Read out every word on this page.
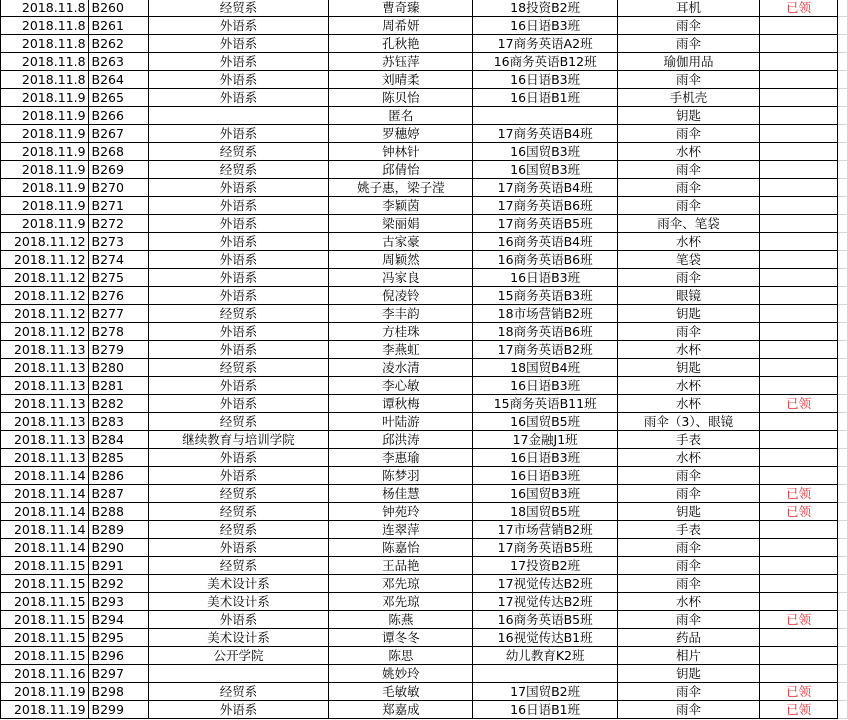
2018.11.8	B260	经贸系	曹奇臻	18投资B2班	耳机	已领	
2018.11.8	B261	外语系	周希妍	16日语B3班	雨伞		
2018.11.8	B262	外语系	孔秋艳	17商务英语A2班	雨伞		
2018.11.8	B263	外语系	苏钰萍	16商务英语B12班	瑜伽用品		
2018.11.8	B264	外语系	刘晴柔	16日语B3班	雨伞		
2018.11.9	B265	外语系	陈贝怡	16日语B1班	手机壳		
2018.11.9	B266		匿名		钥匙		
2018.11.9	B267	外语系	罗穗婷	17商务英语B4班	雨伞		
2018.11.9	B268	经贸系	钟林针	16国贸B3班	水杯		
2018.11.9	B269	经贸系	邱倩怡	16国贸B3班	雨伞		
2018.11.9	B270	外语系	姚子惠，梁子滢	17商务英语B4班	雨伞		
2018.11.9	B271	外语系	李颖茵	17商务英语B6班	雨伞		
2018.11.9	B272	外语系	梁丽娟	17商务英语B5班	雨伞、笔袋		
2018.11.12	B273	外语系	古家豪	16商务英语B4班	水杯		
2018.11.12	B274	外语系	周颖然	16商务英语B6班	笔袋		
2018.11.12	B275	外语系	冯家良	16日语B3班	雨伞		
2018.11.12	B276	外语系	倪凌铃	15商务英语B3班	眼镜		
2018.11.12	B277	经贸系	李丰韵	18市场营销B2班	钥匙		
2018.11.12	B278	外语系	方桂珠	18商务英语B6班	雨伞		
2018.11.13	B279	外语系	李燕虹	17商务英语B2班	水杯		
2018.11.13	B280	经贸系	凌水清	18国贸B4班	钥匙		
2018.11.13	B281	外语系	李心敏	16日语B3班	水杯		
2018.11.13	B282	外语系	谭秋梅	15商务英语B11班	水杯	已领	
2018.11.13	B283	经贸系	叶陆游	16国贸B5班	雨伞（3）、眼镜		
2018.11.13	B284	继续教育与培训学院	邱洪涛	17金融J1班	手表		
2018.11.13	B285	外语系	李惠瑜	16日语B3班	水杯		
2018.11.14	B286	外语系	陈梦羽	16日语B3班	雨伞		
2018.11.14	B287	经贸系	杨佳慧	16国贸B3班	雨伞	已领	
2018.11.14	B288	经贸系	钟苑玲	18国贸B5班	钥匙	已领	
2018.11.14	B289	经贸系	连翠萍	17市场营销B2班	手表		
2018.11.14	B290	外语系	陈嘉怡	17商务英语B5班	雨伞		
2018.11.15	B291	经贸系	王品艳	17投资B2班	雨伞		
2018.11.15	B292	美术设计系	邓先琼	17视觉传达B2班	雨伞		
2018.11.15	B293	美术设计系	邓先琼	17视觉传达B2班	水杯		
2018.11.15	B294	外语系	陈燕	16商务英语B5班	雨伞	已领	
2018.11.15	B295	美术设计系	谭冬冬	16视觉传达B1班	药品		
2018.11.15	B296	公开学院	陈思	幼儿教育K2班	相片		
2018.11.16	B297		姚妙玲		钥匙		
2018.11.19	B298	经贸系	毛敏敏	17国贸B2班	雨伞	已领	
2018.11.19	B299	外语系	郑嘉成	16日语B1班	雨伞	已领	
